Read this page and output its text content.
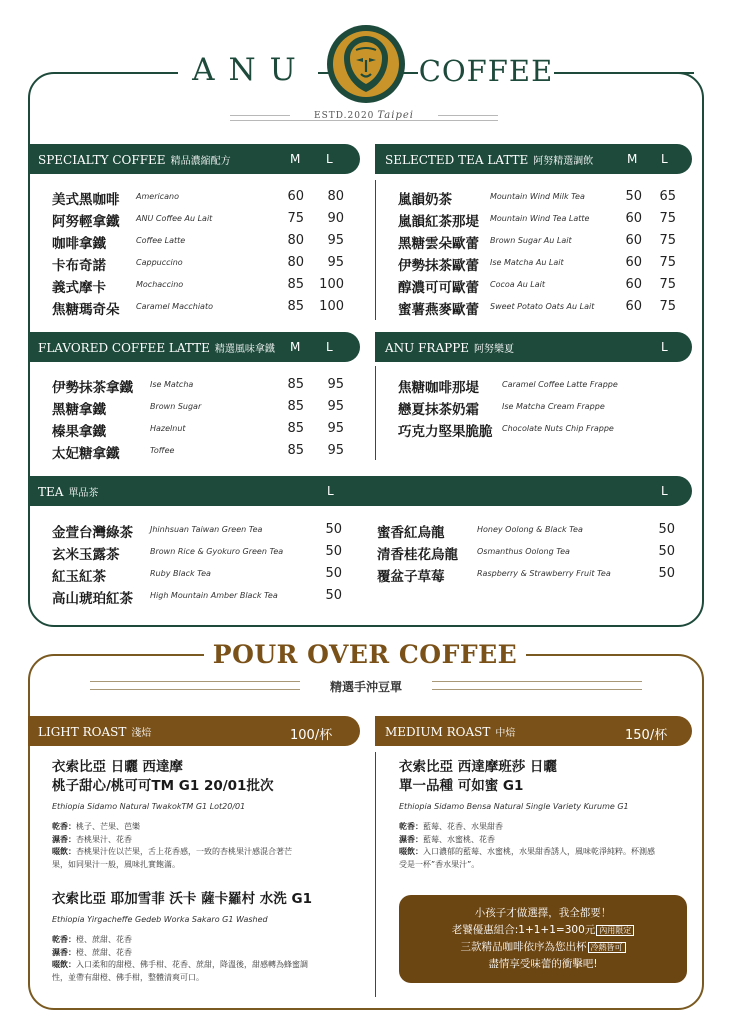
ANU	COFFEE
ESTD.2020 Taipei
SPECIALTY COFFEE 精品濃縮配方	M L	SELECTED TEA LATTE 阿努精選調飲	M L
美式黑咖啡 Americano	60	80
阿努輕拿鐵 ANU Coffee Au Lait	75	90
咖啡拿鐵	Coffee Latte	80	95
卡布奇諾	Cappuccino	80	95
義式摩卡	Mochaccino	85	100
焦糖瑪奇朵 Caramel Macchiato	85	100
嵐韻奶茶	Mountain Wind Milk Tea	50	65
嵐韻紅茶那堤 Mountain Wind Tea Latte	60	75
黑糖雲朵歐蕾 Brown Sugar Au Lait	60	75
伊勢抹茶歐蕾 Ise Matcha Au Lait	60	75
醇濃可可歐蕾 Cocoa Au Lait	60	75
蜜薯燕麥歐蕾 Sweet Potato Oats Au Lait	60	75
FLAVORED COFFEE LATTE 精選風味拿鐵 M L	ANU FRAPPE 阿努樂夏	L
伊勢抹茶拿鐵 Ise Matcha	85	95
黑糖拿鐵	Brown Sugar	85	95
榛果拿鐵	Hazelnut	85	95
太妃糖拿鐵	Toffee	85	95
焦糖咖啡那堤	Caramel Coffee Latte Frappe
戀夏抹茶奶霜	Ise Matcha Cream Frappe
巧克力堅果脆脆 Chocolate Nuts Chip Frappe
TEA 單品茶	L	L
金萱台灣綠茶 Jhinhsuan Taiwan Green Tea	50
玄米玉露茶	Brown Rice & Gyokuro Green Tea	50
紅玉紅茶	Ruby Black Tea	50
高山琥珀紅茶 High Mountain Amber Black Tea	50
蜜香紅烏龍	Honey Oolong & Black Tea	50
清香桂花烏龍 Osmanthus Oolong Tea	50
覆盆子草莓	Raspberry & Strawberry Fruit Tea	50
POUR OVER COFFEE
精選手沖豆單
LIGHT ROAST 淺焙	100/杯	MEDIUM ROAST 中焙	150/杯
衣索比亞 日曬 西達摩
桃子甜心/桃可可TM G1 20/01批次
Ethiopia Sidamo Natural TwakokTM G1 Lot20/01
乾香：桃子、芒果、芭樂
濕香：杏桃果汁、花香
啜飲：杏桃果汁佐以芒果，舌上花香感，一致的杏桃果汁感混合著芒
果，如同果汁一般，風味扎實飽滿。
衣索比亞 耶加雪菲 沃卡 薩卡羅村 水洗 G1
Ethiopia Yirgacheffe Gedeb Worka Sakaro G1 Washed
乾香：橙、蔗甜、花香
濕香：橙、蔗甜、花香
啜飲：入口柔和的甜橙、佛手柑、花香、蔗甜，降溫後，甜感轉為蜂蜜調
性，並帶有甜橙、佛手柑，整體清爽可口。
衣索比亞 西達摩班莎 日曬
單一品種 可如蜜 G1
Ethiopia Sidamo Bensa Natural Single Variety Kurume G1
乾香：藍莓、花香、水果甜香
濕香：藍莓、水蜜桃、花香
啜飲：入口濃郁的藍莓、水蜜桃，水果甜香誘人，風味乾淨純粹。杯測感
受是一杯”香水果汁”。
小孩子才做選擇，我全都要！
老饕優惠組合:1+1+1=300元 內用限定
三款精品咖啡依序為您出杯 冷熱皆可
盡情享受味蕾的衝擊吧!
